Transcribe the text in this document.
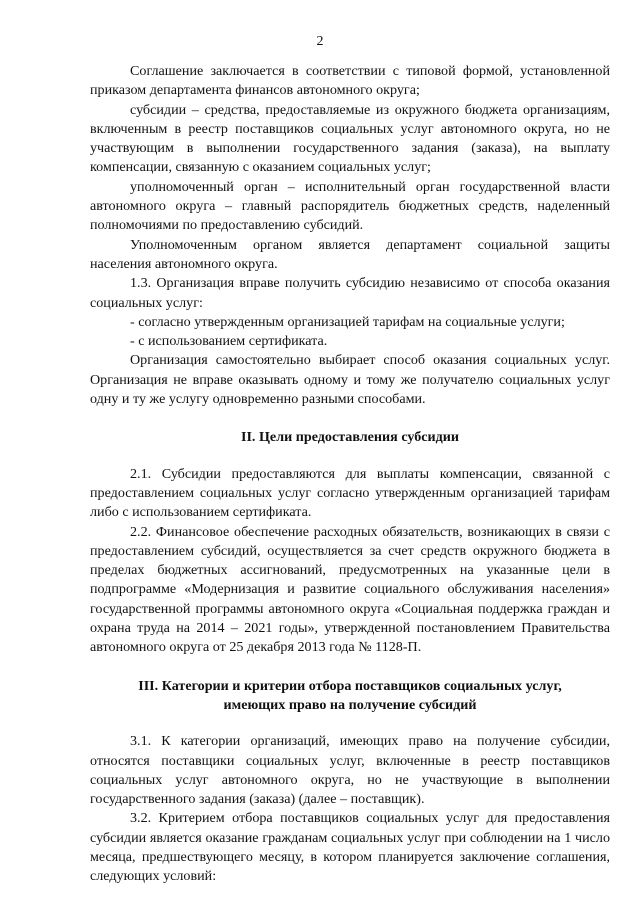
2

Соглашение заключается в соответствии с типовой формой, установленной приказом департамента финансов автономного округа;

субсидии – средства, предоставляемые из окружного бюджета организациям, включенным в реестр поставщиков социальных услуг автономного округа, но не участвующим в выполнении государственного задания (заказа), на выплату компенсации, связанную с оказанием социальных услуг;

уполномоченный орган – исполнительный орган государственной власти автономного округа – главный распорядитель бюджетных средств, наделенный полномочиями по предоставлению субсидий.

Уполномоченным органом является департамент социальной защиты населения автономного округа.

1.3. Организация вправе получить субсидию независимо от способа оказания социальных услуг:

- согласно утвержденным организацией тарифам на социальные услуги;

- с использованием сертификата.

Организация самостоятельно выбирает способ оказания социальных услуг. Организация не вправе оказывать одному и тому же получателю социальных услуг одну и ту же услугу одновременно разными способами.

II. Цели предоставления субсидии

2.1. Субсидии предоставляются для выплаты компенсации, связанной с предоставлением социальных услуг согласно утвержденным организацией тарифам либо с использованием сертификата.

2.2. Финансовое обеспечение расходных обязательств, возникающих в связи с предоставлением субсидий, осуществляется за счет средств окружного бюджета в пределах бюджетных ассигнований, предусмотренных на указанные цели в подпрограмме «Модернизация и развитие социального обслуживания населения» государственной программы автономного округа «Социальная поддержка граждан и охрана труда на 2014 – 2021 годы», утвержденной постановлением Правительства автономного округа от 25 декабря 2013 года № 1128-П.

III. Категории и критерии отбора поставщиков социальных услуг,
имеющих право на получение субсидий

3.1. К категории организаций, имеющих право на получение субсидии, относятся поставщики социальных услуг, включенные в реестр поставщиков социальных услуг автономного округа, но не участвующие в выполнении государственного задания (заказа) (далее – поставщик).

3.2. Критерием отбора поставщиков социальных услуг для предоставления субсидии является оказание гражданам социальных услуг при соблюдении на 1 число месяца, предшествующего месяцу, в котором планируется заключение соглашения, следующих условий:
